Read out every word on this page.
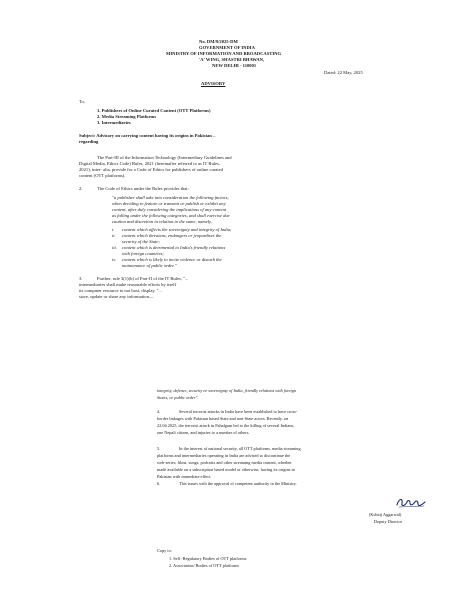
No. DM/9/2025-DM
GOVERNMENT OF INDIA
MINISTRY OF INFORMATION AND BROADCASTING
'A' WING, SHASTRI BHAWAN,
NEW DELHI - 110001
Dated: 22 May, 2025
ADVISORY
To,
1. Publishers of Online Curated Content (OTT Platforms)
2. Media Streaming Platforms
3. Intermediaries
Subject: Advisory on carrying content having its origins in Pakistan –
regarding
The Part-III of the Information Technology (Intermediary Guidelines and
Digital Media, Ethics Code) Rules, 2021 (hereinafter referred to as IT Rules,
2021), inter- alia, provide for a Code of Ethics for publishers of online curated
content (OTT platforms).
2.	The Code of Ethics under the Rules provides that:
"a publisher shall take into consideration the following factors,
when deciding to feature or transmit or publish or exhibit any
content, after duly considering the implications of any content
as falling under the following categories, and shall exercise due
caution and discretion in relation to the same, namely,
i. content which affects the sovereignty and integrity of India;
ii. content which threatens, endangers or jeopardises the
security of the State;
iii. content which is detrimental to India's friendly relations
with foreign countries;
iv. content which is likely to incite violence or disturb the
maintenance of public order."
3.	Further, rule 3(1)(b) of Part-II of the IT Rules, "...
intermediaries shall make reasonable efforts by itself
its computer resource to not host, display, "...
store, update or share any information—
integrity, defence, security or sovereignty of India, friendly relations with foreign
States, or public order".
4.	Several terrorist attacks in India have been established to have cross-
border linkages with Pakistan based State and non-State actors. Recently, on
22.04.2025, the terrorist attack in Pahalgam led to the killing of several Indians,
one Nepali citizen, and injuries to a number of others.
5.	In the interest of national security, all OTT platforms, media streaming
platforms and intermediaries operating in India are advised to discontinue the
web-series, films, songs, podcasts and other streaming media content, whether
made available on a subscription based model or otherwise, having its origins in
Pakistan with immediate effect.
6.	This issues with the approval of competent authority in the Ministry.
(Kshitij Aggarwal)
Deputy Director
Copy to:
1. Self -Regulatory Bodies of OTT platforms
2. Association/ Bodies of OTT platforms
